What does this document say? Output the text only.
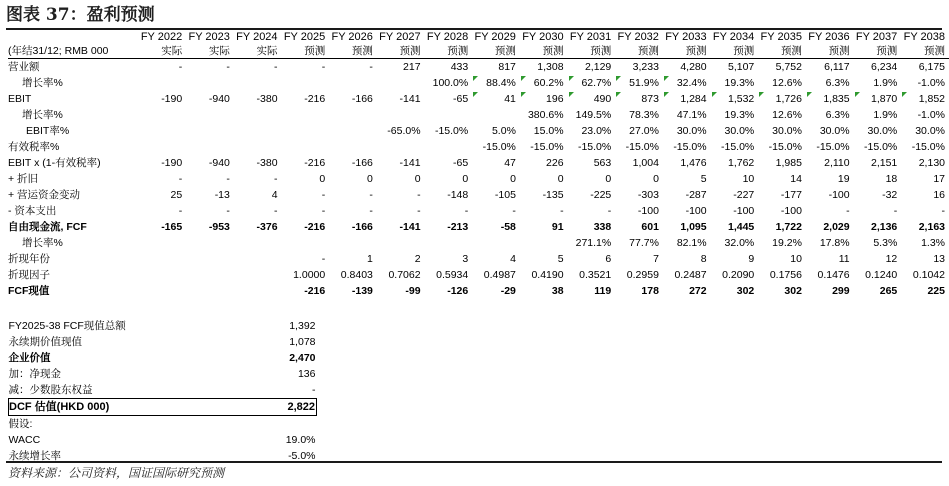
图表 37：盈利预测
	FY 2022	FY 2023	FY 2024	FY 2025	FY 2026	FY 2027	FY 2028	FY 2029	FY 2030	FY 2031	FY 2032	FY 2033	FY 2034	FY 2035	FY 2036	FY 2037	FY 2038
(年结31/12; RMB 000	实际	实际	实际	预测	预测	预测	预测	预测	预测	预测	预测	预测	预测	预测	预测	预测	预测
营业额	-	-	-	-	-	217	433	817	1,308	2,129	3,233	4,280	5,107	5,752	6,117	6,234	6,175
增长率%							100.0%	88.4%	60.2%	62.7%	51.9%	32.4%	19.3%	12.6%	6.3%	1.9%	-1.0%
EBIT	-190	-940	-380	-216	-166	-141	-65	41	196	490	873	1,284	1,532	1,726	1,835	1,870	1,852
增长率%									380.6%	149.5%	78.3%	47.1%	19.3%	12.6%	6.3%	1.9%	-1.0%
EBIT率%						-65.0%	-15.0%	5.0%	15.0%	23.0%	27.0%	30.0%	30.0%	30.0%	30.0%	30.0%	30.0%
有效税率%								-15.0%	-15.0%	-15.0%	-15.0%	-15.0%	-15.0%	-15.0%	-15.0%	-15.0%	-15.0%
EBIT x (1-有效税率)	-190	-940	-380	-216	-166	-141	-65	47	226	563	1,004	1,476	1,762	1,985	2,110	2,151	2,130
+ 折旧	-	-	-	0	0	0	0	0	0	0	0	5	10	14	19	18	17
+ 营运资金变动	25	-13	4	-	-	-	-148	-105	-135	-225	-303	-287	-227	-177	-100	-32	16
- 资本支出	-	-	-	-	-	-	-	-	-	-	-100	-100	-100	-100	-	-	-
自由现金流, FCF	-165	-953	-376	-216	-166	-141	-213	-58	91	338	601	1,095	1,445	1,722	2,029	2,136	2,163
增长率%										271.1%	77.7%	82.1%	32.0%	19.2%	17.8%	5.3%	1.3%
折现年份				-	1	2	3	4	5	6	7	8	9	10	11	12	13
折现因子				1.0000	0.8403	0.7062	0.5934	0.4987	0.4190	0.3521	0.2959	0.2487	0.2090	0.1756	0.1476	0.1240	0.1042
FCF现值				-216	-139	-99	-126	-29	38	119	178	272	302	302	299	265	225
FY2025-38 FCF现值总额	1,392
永续期价值现值	1,078
企业价值	2,470
加：净现金	136
减：少数股东权益	-
DCF 估值(HKD 000)	2,822
假设:	
WACC	19.0%
永续增长率	-5.0%
资料来源：公司资料，国证国际研究预测
